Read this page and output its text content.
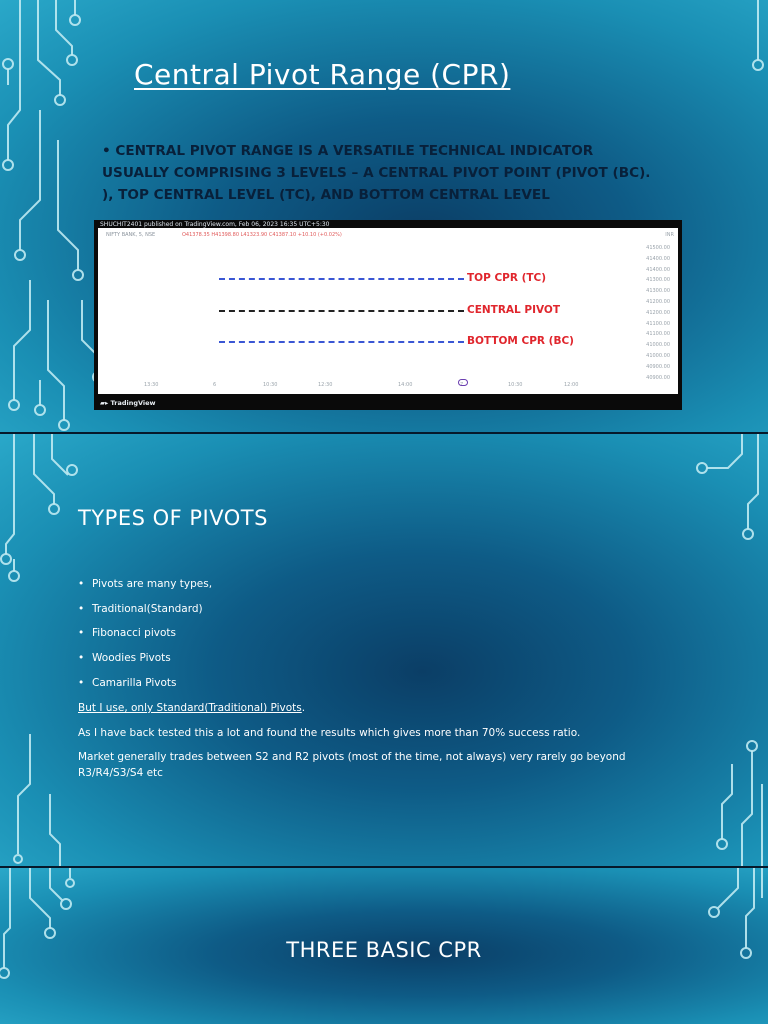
Central Pivot Range (CPR)

• CENTRAL PIVOT RANGE IS A VERSATILE TECHNICAL INDICATOR USUALLY COMPRISING 3 LEVELS – A CENTRAL PIVOT POINT (PIVOT (BC). ), TOP CENTRAL LEVEL (TC), AND BOTTOM CENTRAL LEVEL

SHUCHIT2401 published on TradingView.com, Feb 06, 2023 16:35 UTC+5:30
NIFTY BANK, 5, NSE	O41378.35 H41398.80 L41323.90 C41387.10 +10.10 (+0.02%)	INR
TOP CPR (TC)
CENTRAL PIVOT
BOTTOM CPR (BC)
41500.00
41400.00
41400.00
41300.00
41300.00
41200.00
41200.00
41100.00
41100.00
41000.00
41000.00
40900.00
40900.00
13:30	6	10:30	12:30	14:00	7	10:30	12:00
▰▸ TradingView
TYPES OF PIVOTS
• Pivots are many types,
• Traditional(Standard)
• Fibonacci pivots
• Woodies Pivots
• Camarilla Pivots

But I use, only Standard(Traditional) Pivots.

As I have back tested this a lot and found the results which gives more than 70% success ratio.

Market generally trades between S2 and R2 pivots (most of the time, not always) very rarely go beyond
R3/R4/S3/S4 etc

THREE BASIC CPR
